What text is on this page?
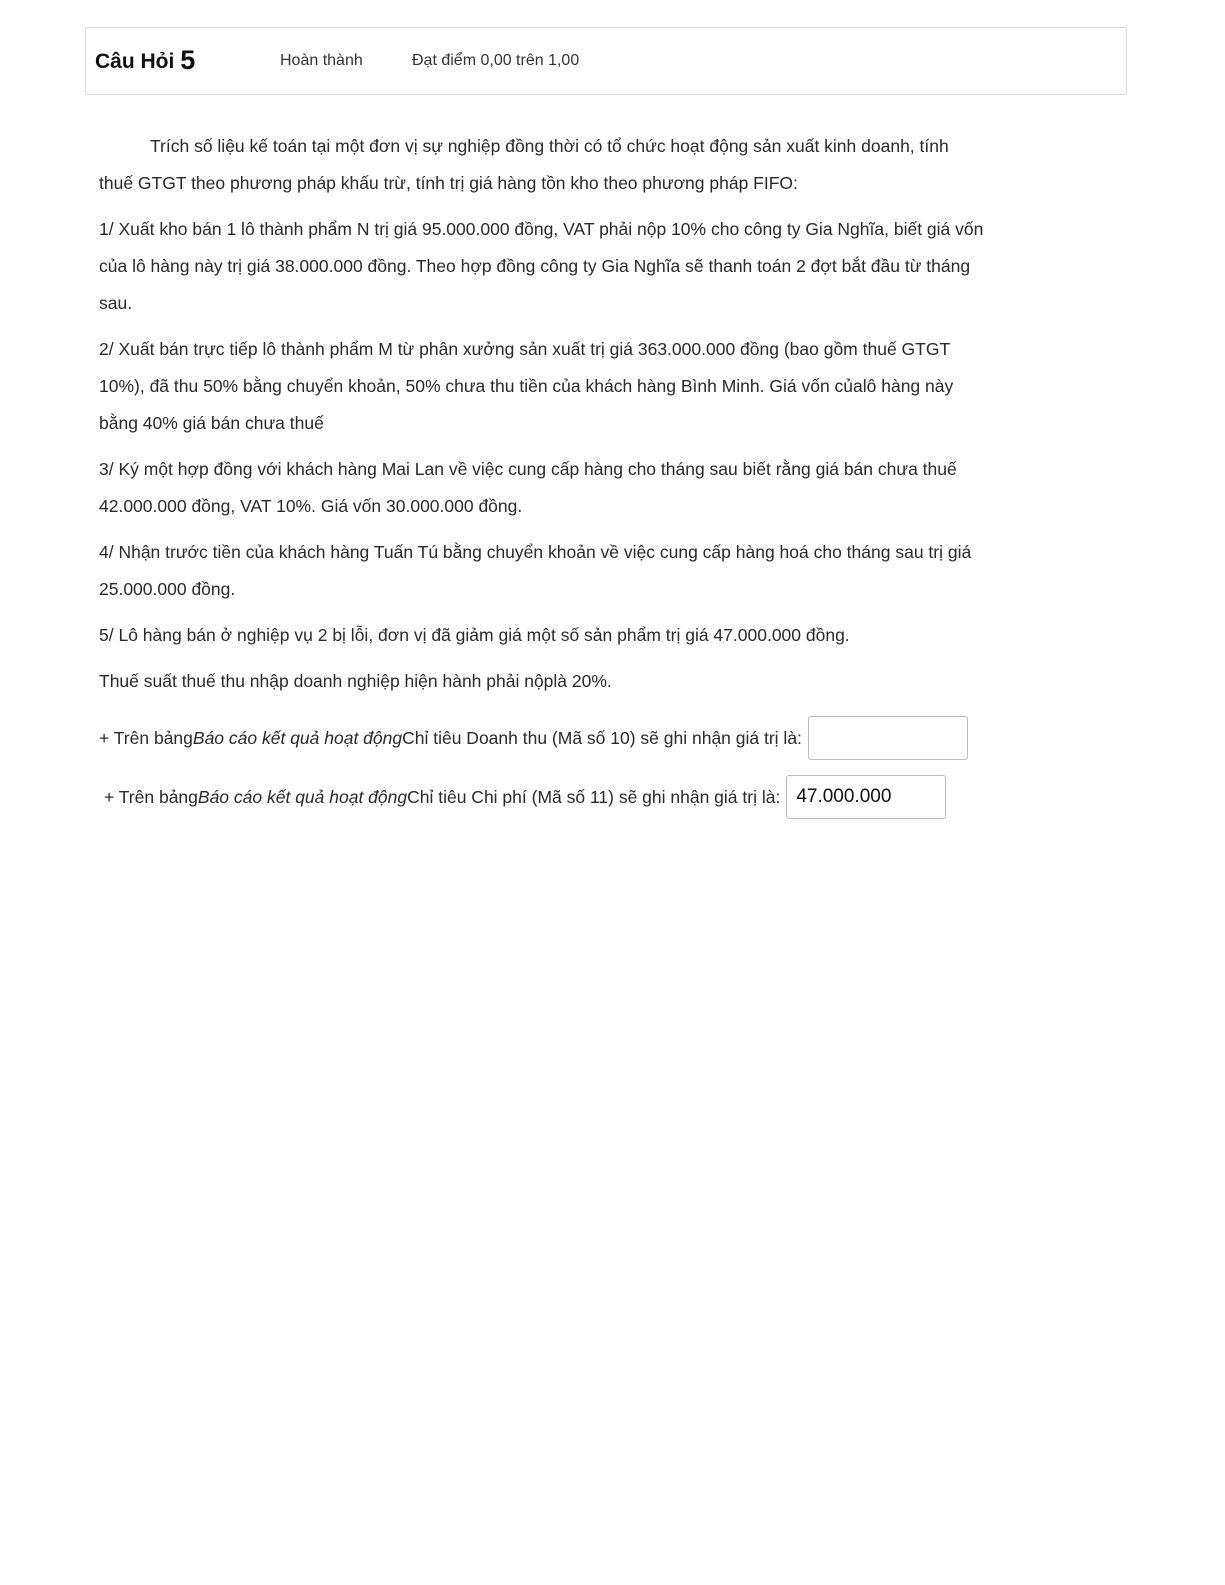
Câu Hỏi 5	Hoàn thành	Đạt điểm 0,00 trên 1,00

Trích số liệu kế toán tại một đơn vị sự nghiệp đồng thời có tổ chức hoạt động sản xuất kinh doanh, tính
thuế GTGT theo phương pháp khấu trừ, tính trị giá hàng tồn kho theo phương pháp FIFO:

1/ Xuất kho bán 1 lô thành phẩm N trị giá 95.000.000 đồng, VAT phải nộp 10% cho công ty Gia Nghĩa, biết giá vốn
của lô hàng này trị giá 38.000.000 đồng. Theo hợp đồng công ty Gia Nghĩa sẽ thanh toán 2 đợt bắt đầu từ tháng
sau.

2/ Xuất bán trực tiếp lô thành phẩm M từ phân xưởng sản xuất trị giá 363.000.000 đồng (bao gồm thuế GTGT
10%), đã thu 50% bằng chuyển khoản, 50% chưa thu tiền của khách hàng Bình Minh. Giá vốn củalô hàng này
bằng 40% giá bán chưa thuế

3/ Ký một hợp đồng với khách hàng Mai Lan về việc cung cấp hàng cho tháng sau biết rằng giá bán chưa thuế
42.000.000 đồng, VAT 10%. Giá vốn 30.000.000 đồng.

4/ Nhận trước tiền của khách hàng Tuấn Tú bằng chuyển khoản về việc cung cấp hàng hoá cho tháng sau trị giá
25.000.000 đồng.

5/ Lô hàng bán ở nghiệp vụ 2 bị lỗi, đơn vị đã giảm giá một số sản phẩm trị giá 47.000.000 đồng.

Thuế suất thuế thu nhập doanh nghiệp hiện hành phải nộplà 20%.

+ Trên bảng Báo cáo kết quả hoạt động Chỉ tiêu Doanh thu (Mã số 10) sẽ ghi nhận giá trị là:
+ Trên bảng Báo cáo kết quả hoạt động Chỉ tiêu Chi phí (Mã số 11) sẽ ghi nhận giá trị là:
47.000.000
